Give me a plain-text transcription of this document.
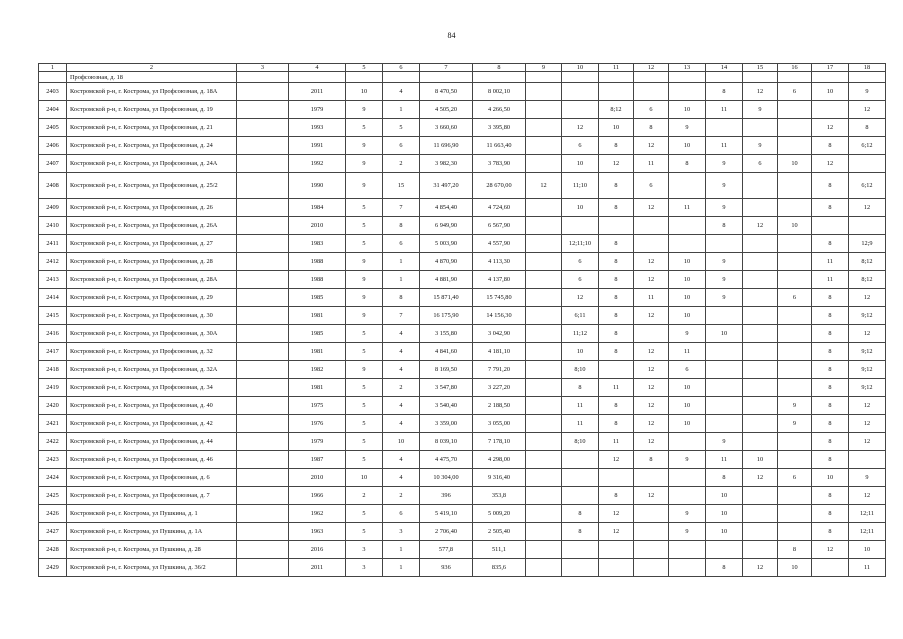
84
1	2	3	4	5	6	7	8	9	10	11	12	13	14	15	16	17	18
	Профсоюзная, д. 18																
2403	Костромской р-н, г. Кострома, ул Профсоюзная, д. 18А		2011	10	4	8 470,50	8 002,10						8	12	6	10	9
2404	Костромской р-н, г. Кострома, ул Профсоюзная, д. 19		1979	9	1	4 505,20	4 266,50			8;12	6	10	11	9			12
2405	Костромской р-н, г. Кострома, ул Профсоюзная, д. 21		1993	5	5	3 660,60	3 395,80		12	10	8	9				12	8
2406	Костромской р-н, г. Кострома, ул Профсоюзная, д. 24		1991	9	6	11 696,90	11 663,40		6	8	12	10	11	9		8	6;12
2407	Костромской р-н, г. Кострома, ул Профсоюзная, д. 24А		1992	9	2	3 982,30	3 783,90		10	12	11	8	9	6	10	12	
2408	Костромской р-н, г. Кострома, ул Профсоюзная, д. 25/2		1990	9	15	31 497,20	28 670,00	12	11;10	8	6		9			8	6;12
2409	Костромской р-н, г. Кострома, ул Профсоюзная, д. 26		1984	5	7	4 854,40	4 724,60		10	8	12	11	9			8	12
2410	Костромской р-н, г. Кострома, ул Профсоюзная, д. 26А		2010	5	8	6 949,90	6 567,90						8	12	10		
2411	Костромской р-н, г. Кострома, ул Профсоюзная, д. 27		1983	5	6	5 003,90	4 557,90		12;11;10	8						8	12;9
2412	Костромской р-н, г. Кострома, ул Профсоюзная, д. 28		1988	9	1	4 870,90	4 113,30		6	8	12	10	9			11	8;12
2413	Костромской р-н, г. Кострома, ул Профсоюзная, д. 28А		1988	9	1	4 881,90	4 137,80		6	8	12	10	9			11	8;12
2414	Костромской р-н, г. Кострома, ул Профсоюзная, д. 29		1985	9	8	15 871,40	15 745,80		12	8	11	10	9		6	8	12
2415	Костромской р-н, г. Кострома, ул Профсоюзная, д. 30		1981	9	7	16 175,90	14 156,30		6;11	8	12	10				8	9;12
2416	Костромской р-н, г. Кострома, ул Профсоюзная, д. 30А		1985	5	4	3 155,80	3 042,90		11;12	8		9	10			8	12
2417	Костромской р-н, г. Кострома, ул Профсоюзная, д. 32		1981	5	4	4 841,60	4 181,10		10	8	12	11				8	9;12
2418	Костромской р-н, г. Кострома, ул Профсоюзная, д. 32А		1982	9	4	8 169,50	7 791,20		8;10		12	6				8	9;12
2419	Костромской р-н, г. Кострома, ул Профсоюзная, д. 34		1981	5	2	3 547,80	3 227,20		8	11	12	10				8	9;12
2420	Костромской р-н, г. Кострома, ул Профсоюзная, д. 40		1975	5	4	3 540,40	2 188,50		11	8	12	10			9	8	12
2421	Костромской р-н, г. Кострома, ул Профсоюзная, д. 42		1976	5	4	3 359,00	3 055,00		11	8	12	10			9	8	12
2422	Костромской р-н, г. Кострома, ул Профсоюзная, д. 44		1979	5	10	8 039,10	7 178,10		8;10	11	12		9			8	12
2423	Костромской р-н, г. Кострома, ул Профсоюзная, д. 46		1987	5	4	4 475,70	4 298,00			12	8	9	11	10		8	
2424	Костромской р-н, г. Кострома, ул Профсоюзная, д. 6		2010	10	4	10 304,00	9 316,40						8	12	6	10	9
2425	Костромской р-н, г. Кострома, ул Профсоюзная, д. 7		1966	2	2	396	353,8			8	12		10			8	12
2426	Костромской р-н, г. Кострома, ул Пушкина, д. 1		1962	5	6	5 419,10	5 009,20		8	12		9	10			8	12;11
2427	Костромской р-н, г. Кострома, ул Пушкина, д. 1А		1963	5	3	2 706,40	2 505,40		8	12		9	10			8	12;11
2428	Костромской р-н, г. Кострома, ул Пушкина, д. 28		2016	3	1	577,8	511,1								8	12	10
2429	Костромской р-н, г. Кострома, ул Пушкина, д. 36/2		2011	3	1	936	835,6						8	12	10		11
